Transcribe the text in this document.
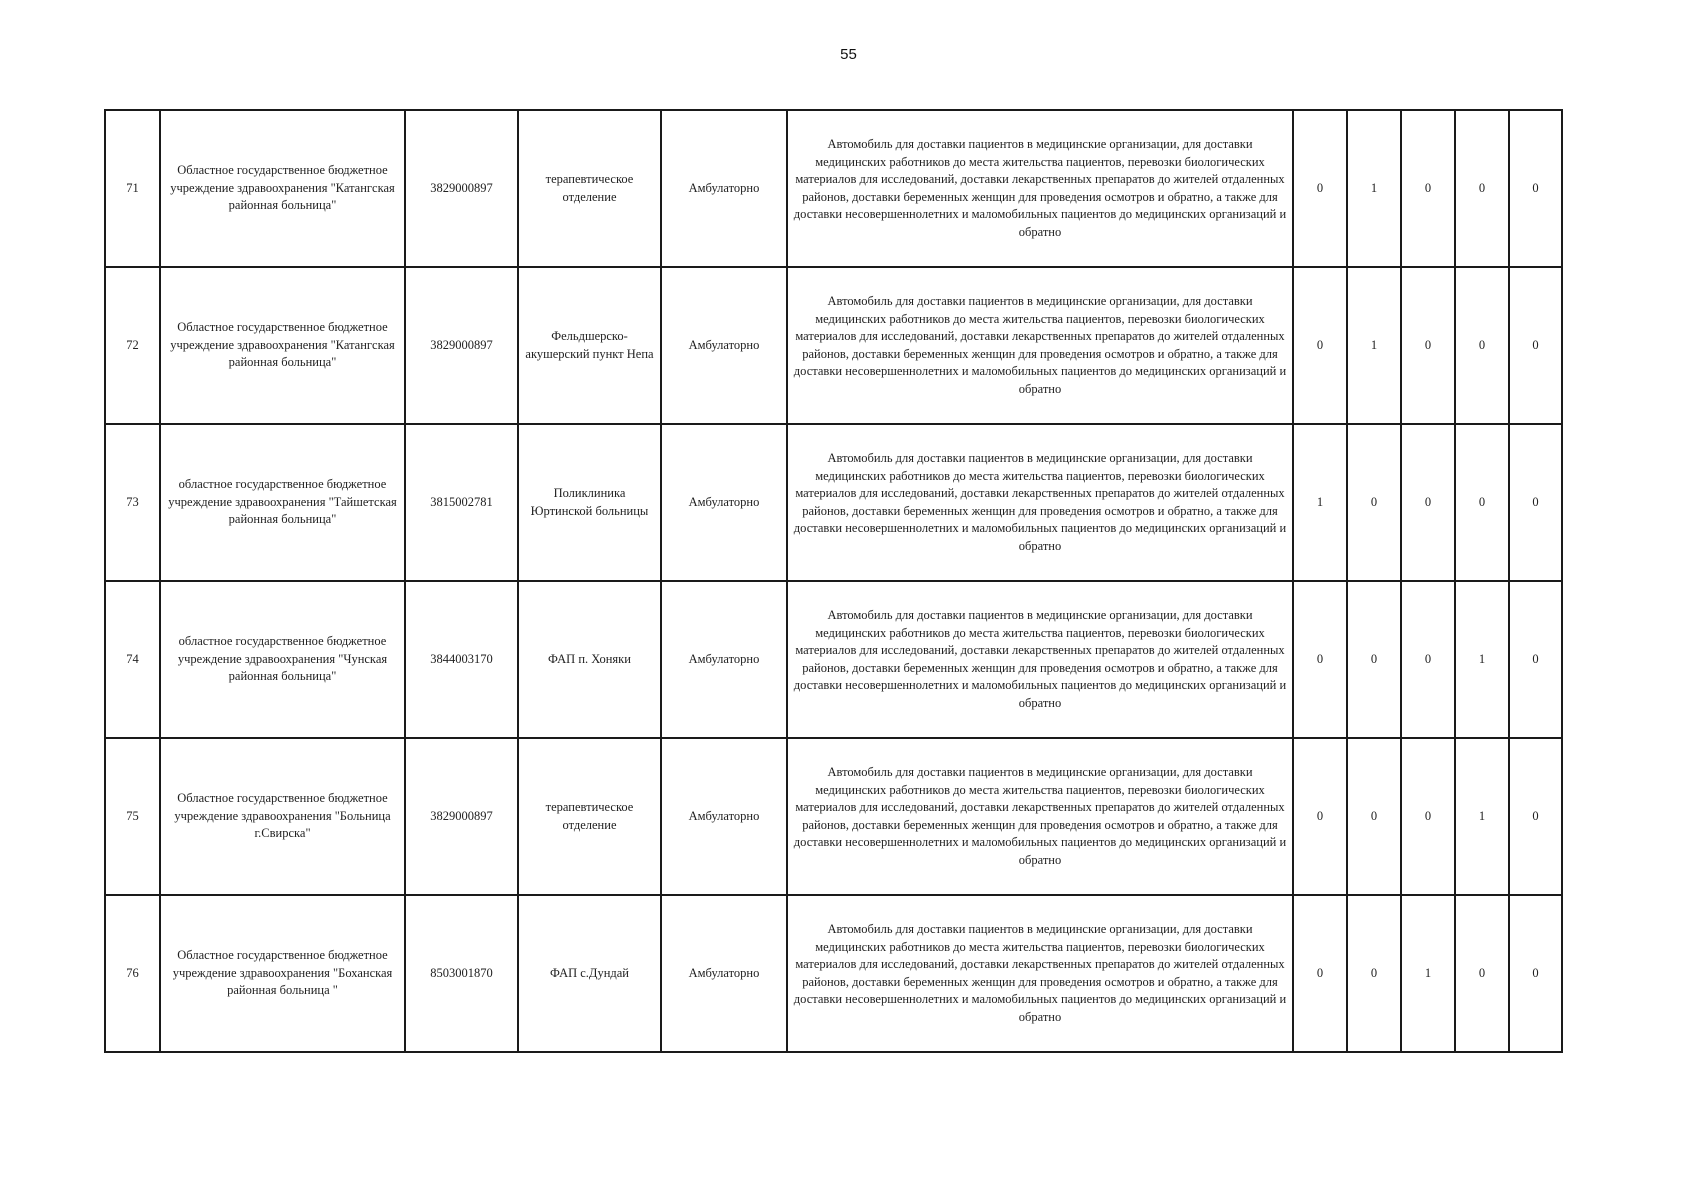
55
71	Областное государственное бюджетное учреждение здравоохранения "Катангская районная больница"	3829000897	терапевтическое отделение	Амбулаторно	Автомобиль для доставки пациентов в медицинские организации, для доставки медицинских работников до места жительства пациентов, перевозки биологических материалов для исследований, доставки лекарственных препаратов до жителей отдаленных районов, доставки беременных женщин для проведения осмотров и обратно, а также для доставки несовершеннолетних и маломобильных пациентов до медицинских организаций и обратно	0	1	0	0	0
72	Областное государственное бюджетное учреждение здравоохранения "Катангская районная больница"	3829000897	Фельдшерско-акушерский пункт Непа	Амбулаторно	Автомобиль для доставки пациентов в медицинские организации, для доставки медицинских работников до места жительства пациентов, перевозки биологических материалов для исследований, доставки лекарственных препаратов до жителей отдаленных районов, доставки беременных женщин для проведения осмотров и обратно, а также для доставки несовершеннолетних и маломобильных пациентов до медицинских организаций и обратно	0	1	0	0	0
73	областное государственное бюджетное учреждение здравоохранения "Тайшетская районная больница"	3815002781	Поликлиника Юртинской больницы	Амбулаторно	Автомобиль для доставки пациентов в медицинские организации, для доставки медицинских работников до места жительства пациентов, перевозки биологических материалов для исследований, доставки лекарственных препаратов до жителей отдаленных районов, доставки беременных женщин для проведения осмотров и обратно, а также для доставки несовершеннолетних и маломобильных пациентов до медицинских организаций и обратно	1	0	0	0	0
74	областное государственное бюджетное учреждение здравоохранения "Чунская районная больница"	3844003170	ФАП п. Хоняки	Амбулаторно	Автомобиль для доставки пациентов в медицинские организации, для доставки медицинских работников до места жительства пациентов, перевозки биологических материалов для исследований, доставки лекарственных препаратов до жителей отдаленных районов, доставки беременных женщин для проведения осмотров и обратно, а также для доставки несовершеннолетних и маломобильных пациентов до медицинских организаций и обратно	0	0	0	1	0
75	Областное государственное бюджетное учреждение здравоохранения "Больница г.Свирска"	3829000897	терапевтическое отделение	Амбулаторно	Автомобиль для доставки пациентов в медицинские организации, для доставки медицинских работников до места жительства пациентов, перевозки биологических материалов для исследований, доставки лекарственных препаратов до жителей отдаленных районов, доставки беременных женщин для проведения осмотров и обратно, а также для доставки несовершеннолетних и маломобильных пациентов до медицинских организаций и обратно	0	0	0	1	0
76	Областное государственное бюджетное учреждение здравоохранения "Боханская районная больница "	8503001870	ФАП с.Дундай	Амбулаторно	Автомобиль для доставки пациентов в медицинские организации, для доставки медицинских работников до места жительства пациентов, перевозки биологических материалов для исследований, доставки лекарственных препаратов до жителей отдаленных районов, доставки беременных женщин для проведения осмотров и обратно, а также для доставки несовершеннолетних и маломобильных пациентов до медицинских организаций и обратно	0	0	1	0	0
